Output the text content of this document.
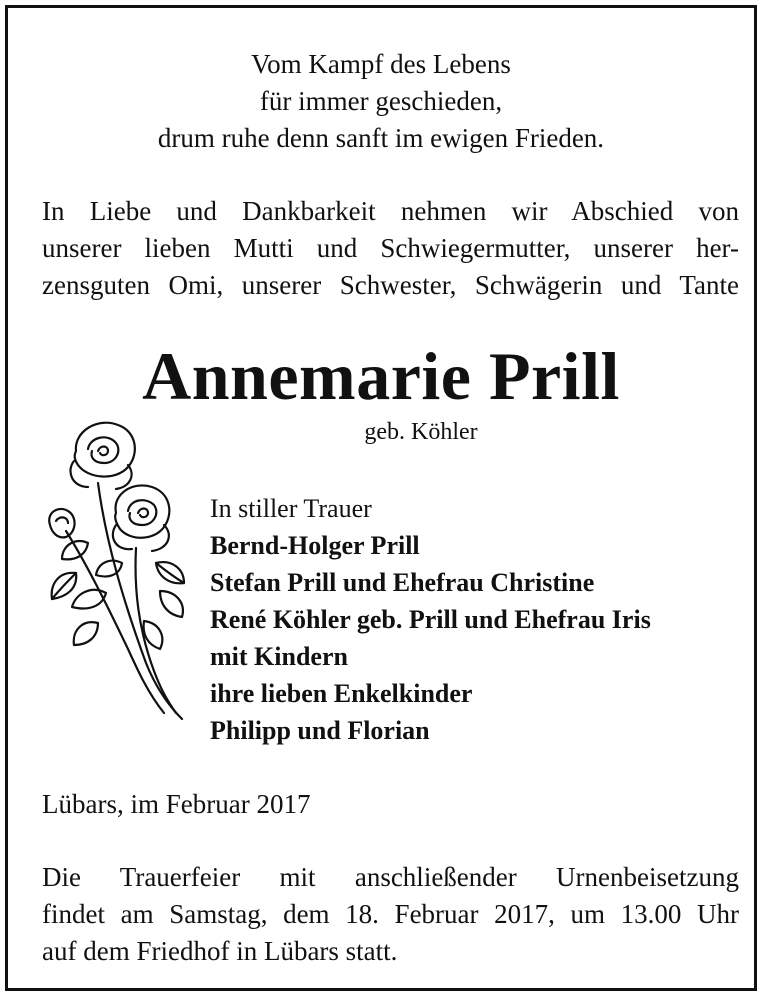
Vom Kampf des Lebens
für immer geschieden,
drum ruhe denn sanft im ewigen Frieden.
In Liebe und Dankbarkeit nehmen wir Abschied von
unserer lieben Mutti und Schwiegermutter, unserer her-
zensguten Omi, unserer Schwester, Schwägerin und Tante
Annemarie Prill
geb. Köhler
In stiller Trauer
Bernd-Holger Prill
Stefan Prill und Ehefrau Christine
René Köhler geb. Prill und Ehefrau Iris
mit Kindern
ihre lieben Enkelkinder
Philipp und Florian
Lübars, im Februar 2017
Die Trauerfeier mit anschließender Urnenbeisetzung
findet am Samstag, dem 18. Februar 2017, um 13.00 Uhr
auf dem Friedhof in Lübars statt.
